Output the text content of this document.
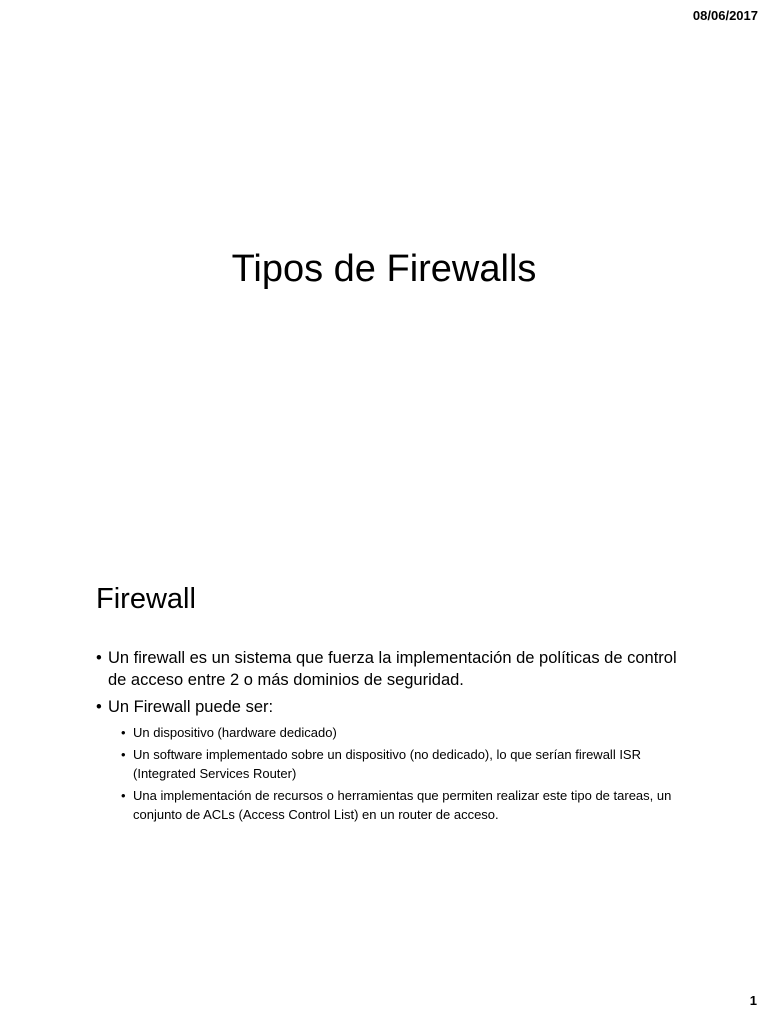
08/06/2017
Tipos de Firewalls
Firewall
• Un firewall es un sistema que fuerza la implementación de políticas de control de acceso entre 2 o más dominios de seguridad.
• Un Firewall puede ser:
• Un dispositivo (hardware dedicado)
• Un software implementado sobre un dispositivo (no dedicado), lo que serían firewall ISR (Integrated Services Router)
• Una implementación de recursos o herramientas que permiten realizar este tipo de tareas, un conjunto de ACLs (Access Control List) en un router de acceso.
1
